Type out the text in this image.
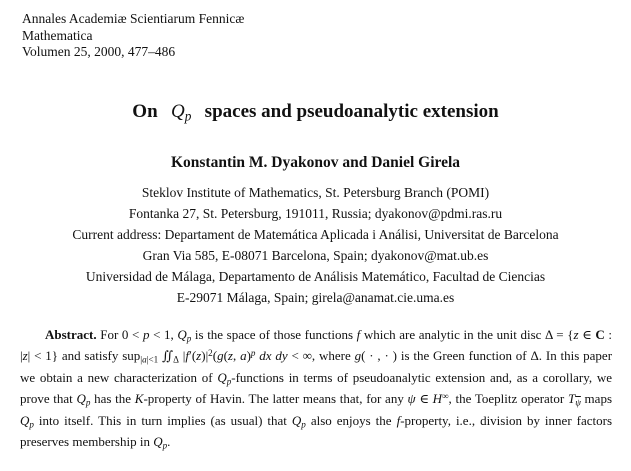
Annales Academiæ Scientiarum Fennicæ
Mathematica
Volumen 25, 2000, 477–486
On   $Q_p$   spaces and pseudoanalytic extension
Konstantin M. Dyakonov and Daniel Girela
Steklov Institute of Mathematics, St. Petersburg Branch (POMI)
Fontanka 27, St. Petersburg, 191011, Russia; dyakonov@pdmi.ras.ru
Current address: Departament de Matemática Aplicada i Análisi, Universitat de Barcelona
Gran Via 585, E-08071 Barcelona, Spain; dyakonov@mat.ub.es
Universidad de Málaga, Departamento de Análisis Matemático, Facultad de Ciencias
E-29071 Málaga, Spain; girela@anamat.cie.uma.es

Abstract. For 0 < p < 1, $Q_p$ is the space of those functions f which are analytic in the unit disc Δ = {z ∈ C : |z| < 1} and satisfy sup$_{|a|<1}$ $∬_\Delta$ $|f'(z)|^2(g(z$, a)$^p$ dx dy < ∞, where g( · , · ) is the Green function of Δ. In this paper we obtain a new characterization of $Q_p$-functions in terms of pseudoanalytic extension and, as a corollary, we prove that $Q_p$ has the K-property of Havin. The latter means that, for any ψ ∈ H∞, the Toeplitz operator $T_{\overline{\psi}}$ maps $Q_p$ into itself. This in turn implies (as usual) that $Q_p$ also enjoys the f-property, i.e., division by inner factors preserves membership in $Q_p$.
